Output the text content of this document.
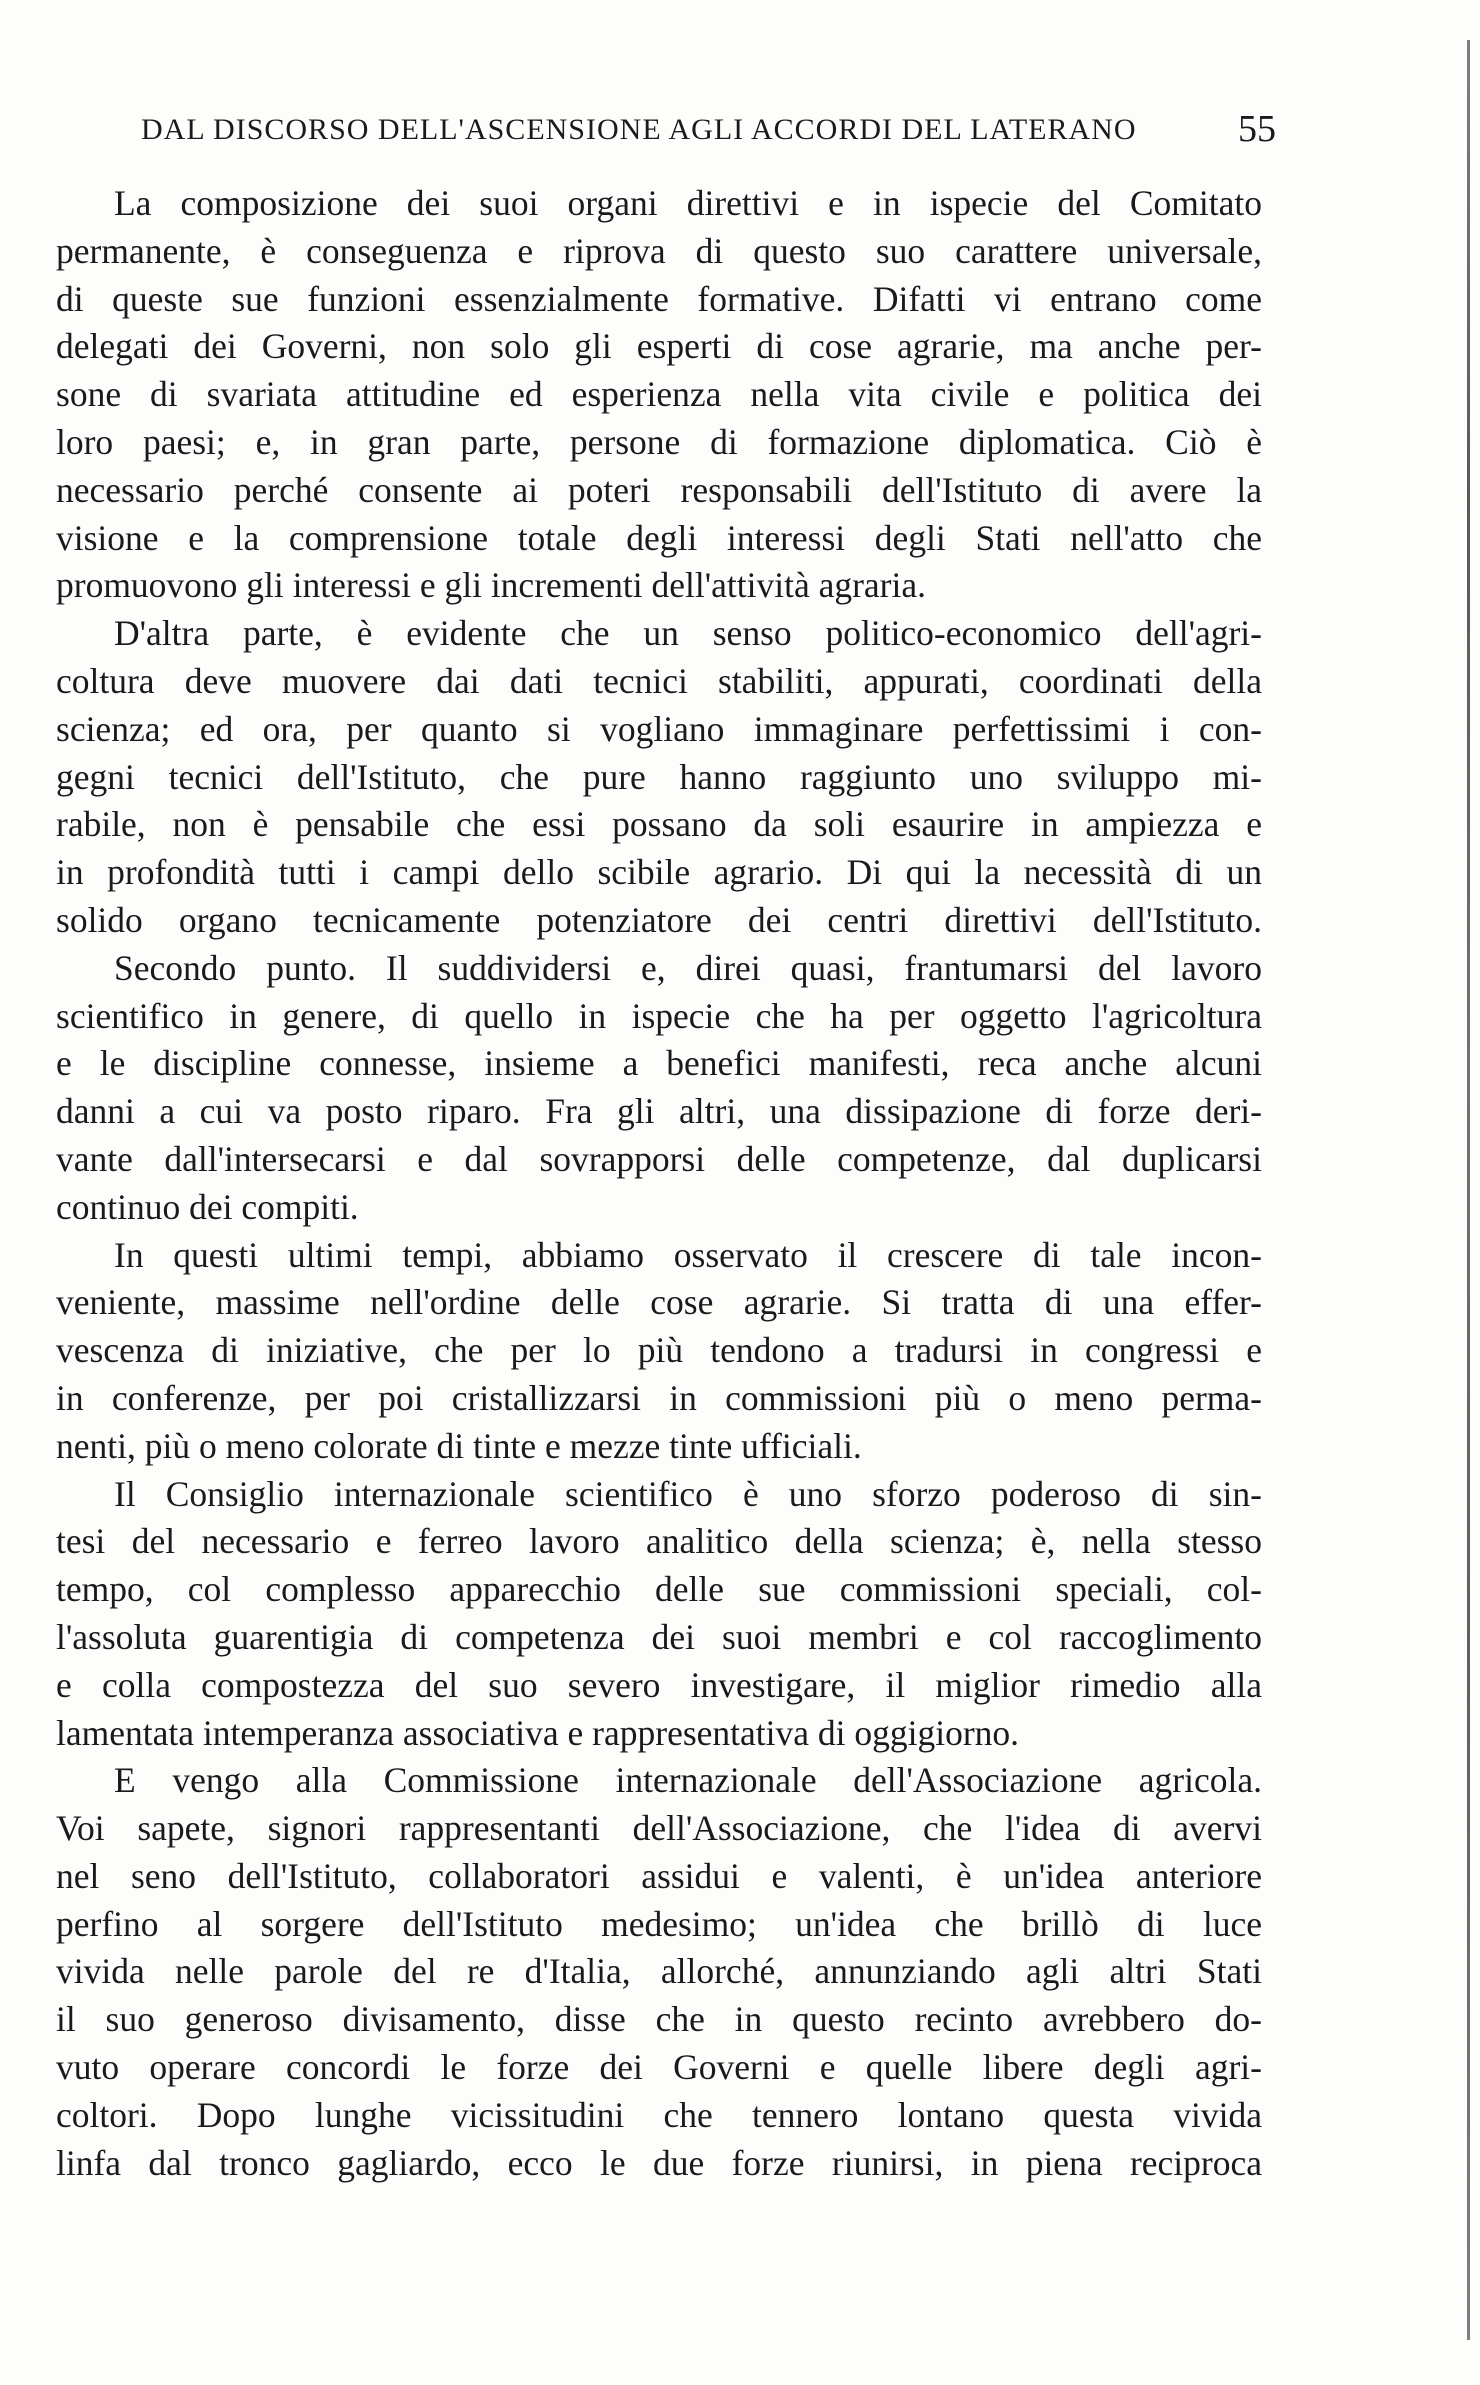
DAL DISCORSO DELL'ASCENSIONE AGLI ACCORDI DEL LATERANO	55
La composizione dei suoi organi direttivi e in ispecie del Comitato
permanente, è conseguenza e riprova di questo suo carattere universale,
di queste sue funzioni essenzialmente formative. Difatti vi entrano come
delegati dei Governi, non solo gli esperti di cose agrarie, ma anche per-
sone di svariata attitudine ed esperienza nella vita civile e politica dei
loro paesi; e, in gran parte, persone di formazione diplomatica. Ciò è
necessario perché consente ai poteri responsabili dell'Istituto di avere la
visione e la comprensione totale degli interessi degli Stati nell'atto che
promuovono gli interessi e gli incrementi dell'attività agraria.
D'altra parte, è evidente che un senso politico-economico dell'agri-
coltura deve muovere dai dati tecnici stabiliti, appurati, coordinati della
scienza; ed ora, per quanto si vogliano immaginare perfettissimi i con-
gegni tecnici dell'Istituto, che pure hanno raggiunto uno sviluppo mi-
rabile, non è pensabile che essi possano da soli esaurire in ampiezza e
in profondità tutti i campi dello scibile agrario. Di qui la necessità di un
solido organo tecnicamente potenziatore dei centri direttivi dell'Istituto.
Secondo punto. Il suddividersi e, direi quasi, frantumarsi del lavoro
scientifico in genere, di quello in ispecie che ha per oggetto l'agricoltura
e le discipline connesse, insieme a benefici manifesti, reca anche alcuni
danni a cui va posto riparo. Fra gli altri, una dissipazione di forze deri-
vante dall'intersecarsi e dal sovrapporsi delle competenze, dal duplicarsi
continuo dei compiti.
In questi ultimi tempi, abbiamo osservato il crescere di tale incon-
veniente, massime nell'ordine delle cose agrarie. Si tratta di una effer-
vescenza di iniziative, che per lo più tendono a tradursi in congressi e
in conferenze, per poi cristallizzarsi in commissioni più o meno perma-
nenti, più o meno colorate di tinte e mezze tinte ufficiali.
Il Consiglio internazionale scientifico è uno sforzo poderoso di sin-
tesi del necessario e ferreo lavoro analitico della scienza; è, nella stesso
tempo, col complesso apparecchio delle sue commissioni speciali, col-
l'assoluta guarentigia di competenza dei suoi membri e col raccoglimento
e colla compostezza del suo severo investigare, il miglior rimedio alla
lamentata intemperanza associativa e rappresentativa di oggigiorno.
E vengo alla Commissione internazionale dell'Associazione agricola.
Voi sapete, signori rappresentanti dell'Associazione, che l'idea di avervi
nel seno dell'Istituto, collaboratori assidui e valenti, è un'idea anteriore
perfino al sorgere dell'Istituto medesimo; un'idea che brillò di luce
vivida nelle parole del re d'Italia, allorché, annunziando agli altri Stati
il suo generoso divisamento, disse che in questo recinto avrebbero do-
vuto operare concordi le forze dei Governi e quelle libere degli agri-
coltori. Dopo lunghe vicissitudini che tennero lontano questa vivida
linfa dal tronco gagliardo, ecco le due forze riunirsi, in piena reciproca
